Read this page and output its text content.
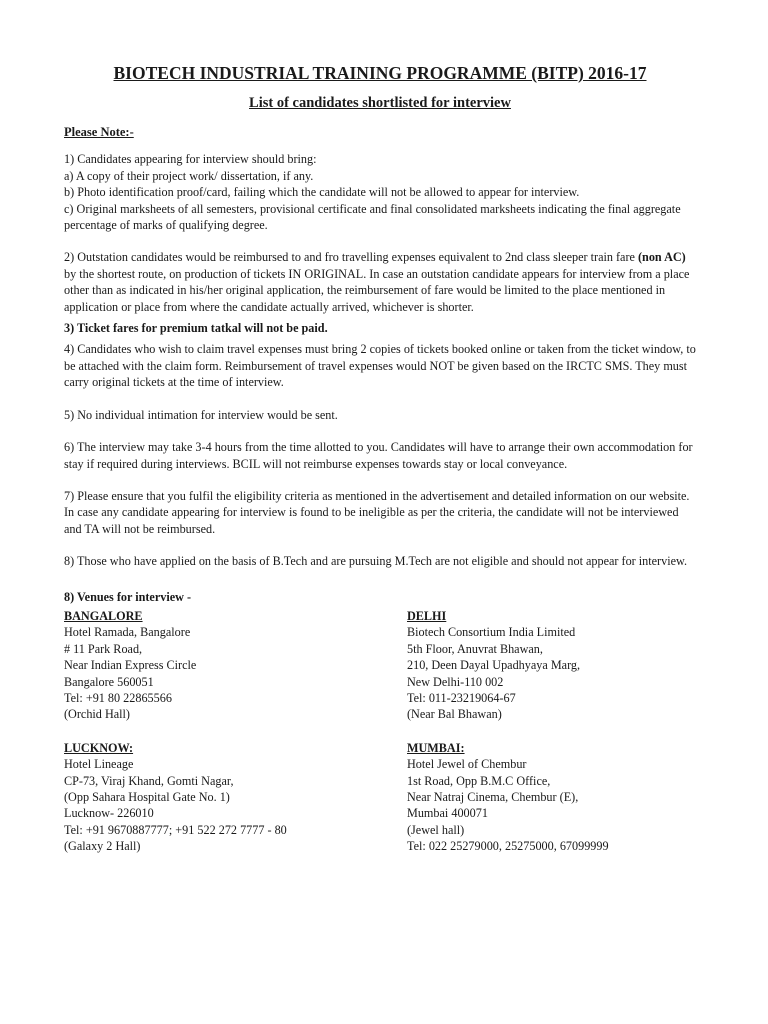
BIOTECH INDUSTRIAL TRAINING PROGRAMME (BITP) 2016-17
List of candidates shortlisted for interview
Please Note:-

1) Candidates appearing for interview should bring:

a) A copy of their project work/ dissertation, if any.

b) Photo identification proof/card, failing which the candidate will not be allowed to appear for interview.

c) Original marksheets of all semesters, provisional certificate and final consolidated marksheets indicating the final aggregate percentage of marks of qualifying degree.

2) Outstation candidates would be reimbursed to and fro travelling expenses equivalent to 2nd class sleeper train fare (non AC) by the shortest route, on production of tickets IN ORIGINAL. In case an outstation candidate appears for interview from a place other than as indicated in his/her original application, the reimbursement of fare would be limited to the place mentioned in application or place from where the candidate actually arrived, whichever is shorter.

3) Ticket fares for premium tatkal will not be paid.

4) Candidates who wish to claim travel expenses must bring 2 copies of tickets booked online or taken from the ticket window, to be attached with the claim form. Reimbursement of travel expenses would NOT be given based on the IRCTC SMS. They must carry original tickets at the time of interview.

5) No individual intimation for interview would be sent.

6) The interview may take 3-4 hours from the time allotted to you. Candidates will have to arrange their own accommodation for stay if required during interviews. BCIL will not reimburse expenses towards stay or local conveyance.

7) Please ensure that you fulfil the eligibility criteria as mentioned in the advertisement and detailed information on our website. In case any candidate appearing for interview is found to be ineligible as per the criteria, the candidate will not be interviewed and TA will not be reimbursed.

8) Those who have applied on the basis of B.Tech and are pursuing M.Tech are not eligible and should not appear for interview.

8) Venues for interview -
BANGALORE
Hotel Ramada, Bangalore
# 11 Park Road,
Near Indian Express Circle
Bangalore 560051
Tel: +91 80 22865566
(Orchid Hall)
DELHI
Biotech Consortium India Limited
5th Floor, Anuvrat Bhawan,
210, Deen Dayal Upadhyaya Marg,
New Delhi-110 002
Tel: 011-23219064-67
(Near Bal Bhawan)
LUCKNOW:
Hotel Lineage
CP-73, Viraj Khand, Gomti Nagar,
(Opp Sahara Hospital Gate No. 1)
Lucknow- 226010
Tel: +91 9670887777; +91 522 272 7777 - 80
(Galaxy 2 Hall)
MUMBAI:
Hotel Jewel of Chembur
1st Road, Opp B.M.C Office,
Near Natraj Cinema, Chembur (E),
Mumbai 400071
(Jewel hall)
Tel: 022 25279000, 25275000, 67099999
